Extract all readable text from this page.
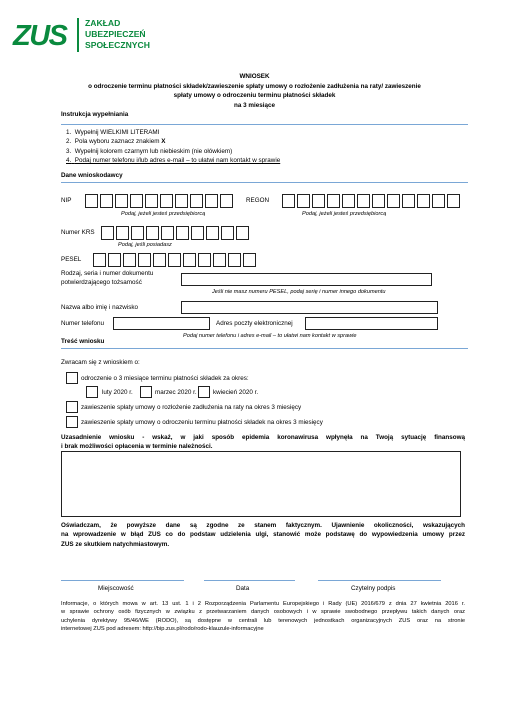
ZUS ZAKŁAD
UBEZPIECZEŃ
SPOŁECZNYCH
WNIOSEK
o odroczenie terminu płatności składek/zawieszenie spłaty umowy o rozłożenie zadłużenia na raty/ zawieszenie
spłaty umowy o odroczeniu terminu płatności składek
na 3 miesiące
Instrukcja wypełniania
1. Wypełnij WIELKIMI LITERAMI
2. Pola wyboru zaznacz znakiem X
3. Wypełnij kolorem czarnym lub niebieskim (nie ołówkiem)
4. Podaj numer telefonu i/lub adres e-mail – to ułatwi nam kontakt w sprawie
Dane wnioskodawcy
NIP
Podaj, jeżeli jesteś przedsiębiorcą
REGON
Podaj, jeżeli jesteś przedsiębiorcą
Numer KRS
Podaj, jeśli posiadasz
PESEL
Rodzaj, seria i numer dokumentu
potwierdzającego tożsamość
Jeśli nie masz numeru PESEL, podaj serię i numer innego dokumentu
Nazwa albo imię i nazwisko
Numer telefonu	Adres poczty elektronicznej
Podaj numer telefonu i adres e-mail – to ułatwi nam kontakt w sprawie
Treść wniosku
Zwracam się z wnioskiem o:
odroczenie o 3 miesiące terminu płatności składek za okres:
luty 2020 r.	marzec 2020 r.	kwiecień 2020 r.
zawieszenie spłaty umowy o rozłożenie zadłużenia na raty na okres 3 miesięcy
zawieszenie spłaty umowy o odroczeniu terminu płatności składek na okres 3 miesięcy
Uzasadnienie wniosku - wskaż, w jaki sposób epidemia koronawirusa wpłynęła na Twoją sytuację finansową
i brak możliwości opłacenia w terminie należności.
Oświadczam, że powyższe dane są zgodne ze stanem faktycznym. Ujawnienie okoliczności, wskazujących
na wprowadzenie w błąd ZUS co do podstaw udzielenia ulgi, stanowić może podstawę do wypowiedzenia umowy przez
ZUS ze skutkiem natychmiastowym.
Miejscowość	Data	Czytelny podpis
Informacje, o których mowa w art. 13 ust. 1 i 2 Rozporządzenia Parlamentu Europejskiego i Rady (UE) 2016/679 z dnia 27 kwietnia 2016 r.
w sprawie ochrony osób fizycznych w związku z przetwarzaniem danych osobowych i w sprawie swobodnego przepływu takich danych oraz
uchylenia dyrektywy 95/46/WE (RODO), są dostępne w centrali lub terenowych jednostkach organizacyjnych ZUS oraz na stronie
internetowej ZUS pod adresem: http://bip.zus.pl/rodo/rodo-klauzule-informacyjne
